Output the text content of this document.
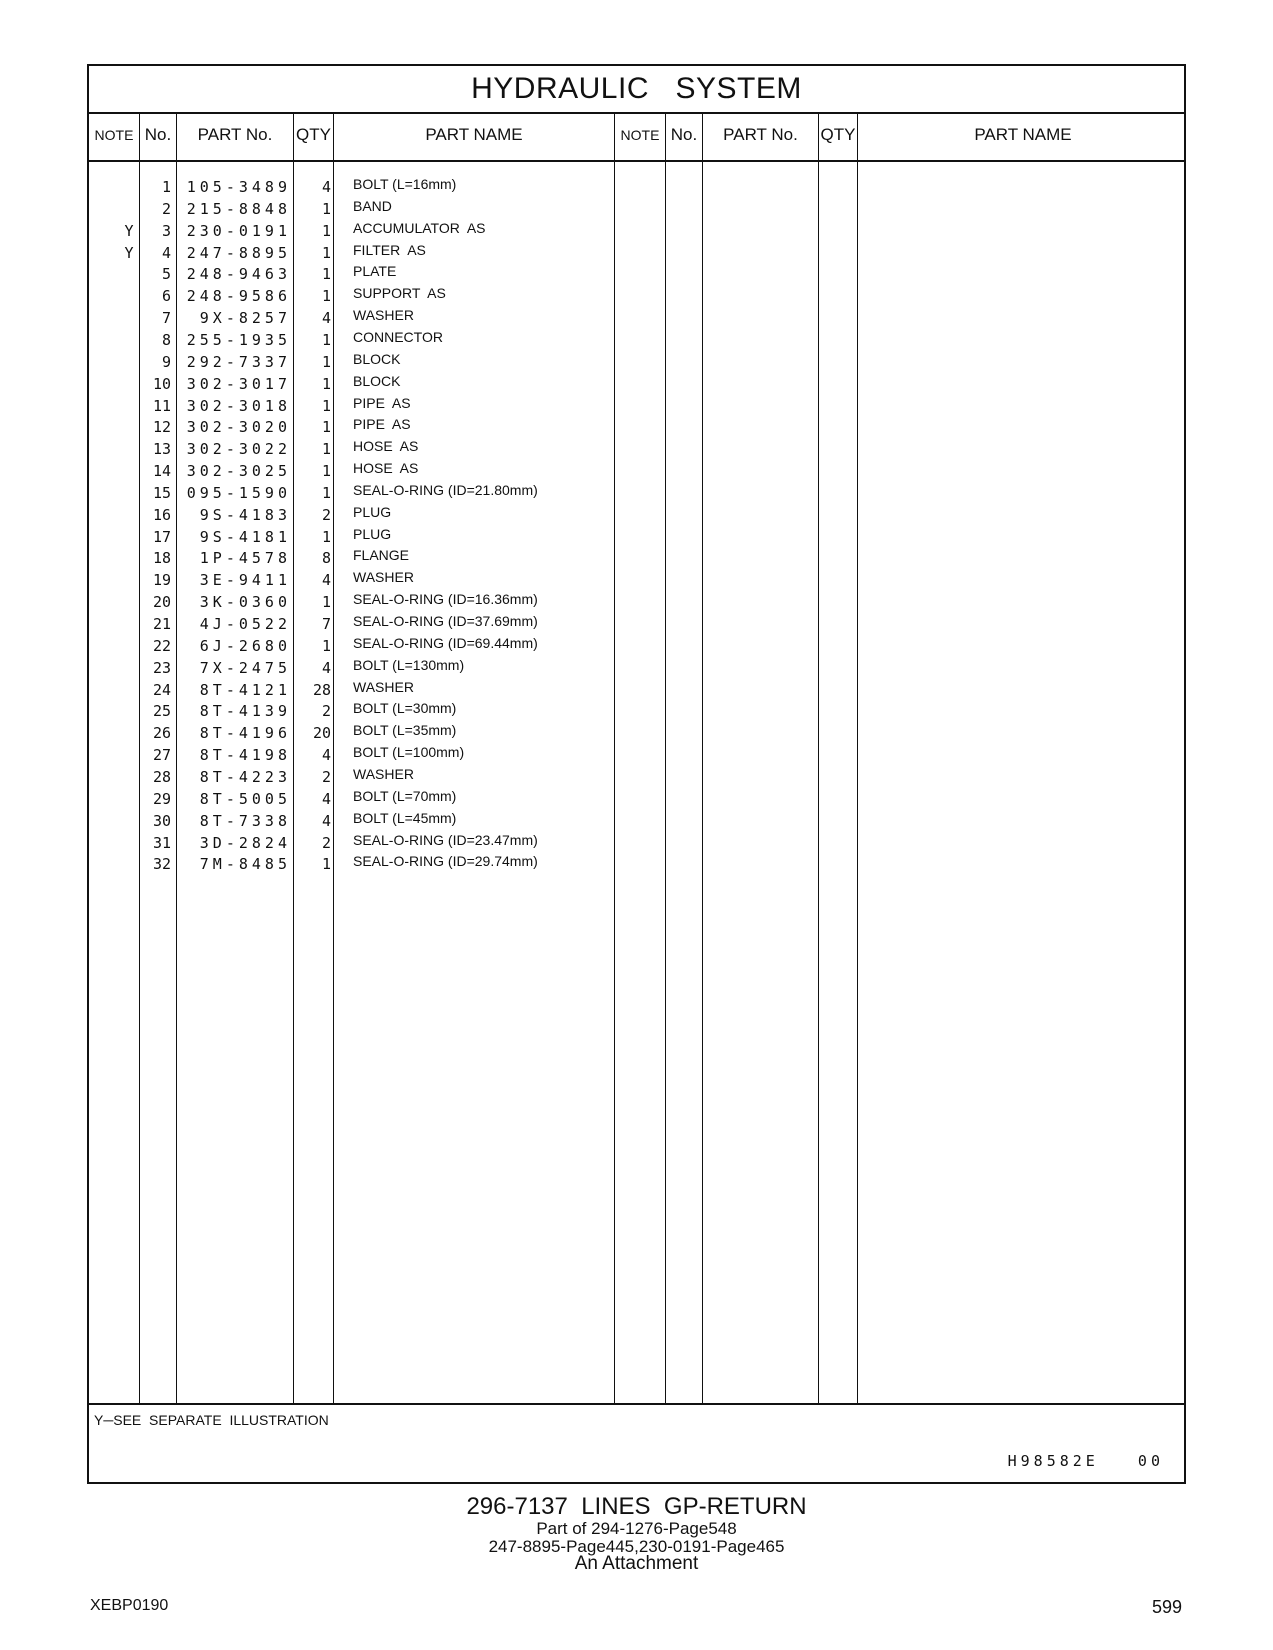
HYDRAULIC   SYSTEM
NOTE No.	PART No.	QTY	PART NAME	NOTE No.	PART No.	QTY	PART NAME
1	105-3489	4 BOLT (L=16mm)
2	215-8848	1 BAND
Y	3	230-0191	1 ACCUMULATOR  AS
Y	4	247-8895	1 FILTER  AS
5	248-9463	1 PLATE
6	248-9586	1 SUPPORT  AS
7	9X-8257	4 WASHER
8	255-1935	1 CONNECTOR
9	292-7337	1 BLOCK
10	302-3017	1 BLOCK
11	302-3018	1 PIPE  AS
12	302-3020	1 PIPE  AS
13	302-3022	1 HOSE  AS
14	302-3025	1 HOSE  AS
15	095-1590	1 SEAL-O-RING (ID=21.80mm)
16	9S-4183	2 PLUG
17	9S-4181	1 PLUG
18	1P-4578	8 FLANGE
19	3E-9411	4 WASHER
20	3K-0360	1 SEAL-O-RING (ID=16.36mm)
21	4J-0522	7 SEAL-O-RING (ID=37.69mm)
22	6J-2680	1 SEAL-O-RING (ID=69.44mm)
23	7X-2475	4 BOLT (L=130mm)
24	8T-4121	28 WASHER
25	8T-4139	2 BOLT (L=30mm)
26	8T-4196	20 BOLT (L=35mm)
27	8T-4198	4 BOLT (L=100mm)
28	8T-4223	2 WASHER
29	8T-5005	4 BOLT (L=70mm)
30	8T-7338	4 BOLT (L=45mm)
31	3D-2824	2 SEAL-O-RING (ID=23.47mm)
32	7M-8485	1 SEAL-O-RING (ID=29.74mm)
Y─SEE  SEPARATE  ILLUSTRATION
H98582E   00
296-7137  LINES  GP-RETURN
Part of 294-1276-Page548
247-8895-Page445,230-0191-Page465
An Attachment
XEBP0190	599
